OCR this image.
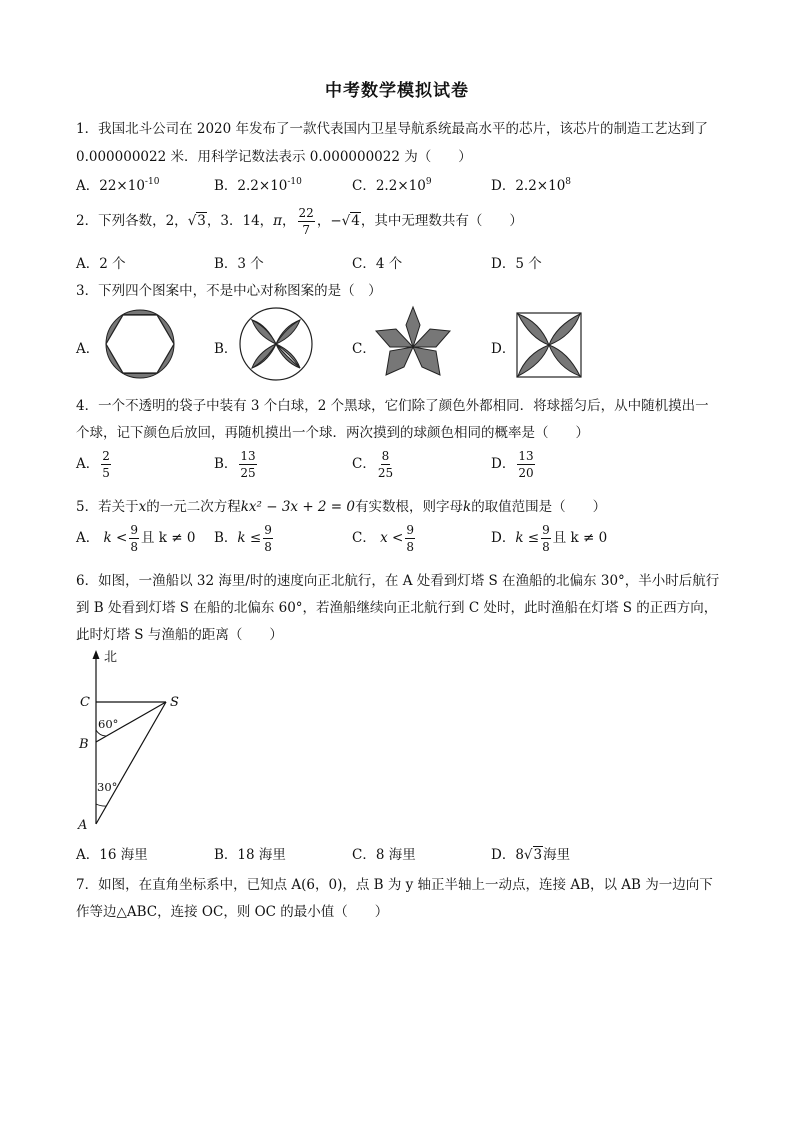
中考数学模拟试卷
1．我国北斗公司在 2020 年发布了一款代表国内卫星导航系统最高水平的芯片，该芯片的制造工艺达到了
0.000000022 米．用科学记数法表示 0.000000022 为（　　）
A．$22\times 10^{-10}$	B．$2.2\times 10^{-10}$	C．$2.2\times 10^9$	D．$2.2\times 10^8$
2．下列各数，2，√3，3．14，π， $\frac{22}{7}$ ，−√4，其中无理数共有（　　）
A．2 个	B．3 个	C．4 个	D．5 个
3．下列四个图案中，不是中心对称图案的是（　）
A．	B．	C．	D．
4．一个不透明的袋子中装有 3 个白球，2 个黑球，它们除了颜色外都相同．将球摇匀后，从中随机摸出一
个球，记下颜色后放回，再随机摸出一个球．两次摸到的球颜色相同的概率是（　　）
A． $\frac{2}{5}$	B． $\frac{13}{25}$	C． $\frac{8}{25}$	D． $\frac{13}{20}$
5．若关于x的一元二次方程kx² − 3x + 2 = 0有实数根，则字母k的取值范围是（　　）
A． $k < \frac{9}{8}$ 且 k ≠ 0 B．$k \le \frac{9}{8}$	C． $x < \frac{9}{8}$	D．$k \le \frac{9}{8}$ 且 k ≠ 0
6．如图，一渔船以 32 海里/时的速度向正北航行，在 A 处看到灯塔 S 在渔船的北偏东 30°，半小时后航行
到 B 处看到灯塔 S 在船的北偏东 60°，若渔船继续向正北航行到 C 处时，此时渔船在灯塔 S 的正西方向，
此时灯塔 S 与渔船的距离（　　）
北
C	S
B
A
60°
30°
A．16 海里	B．18 海里	C．8 海里	D．8√3海里
7．如图，在直角坐标系中，已知点 A(6，0)，点 B 为 y 轴正半轴上一动点，连接 AB，以 AB 为一边向下
作等边△ABC，连接 OC，则 OC 的最小值（　　）
